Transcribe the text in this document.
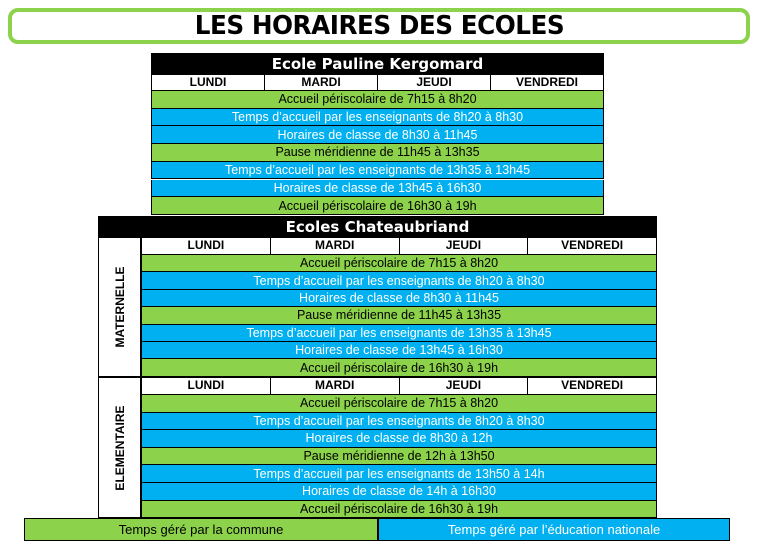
LES HORAIRES DES ECOLES
Ecole Pauline Kergomard
LUNDI	MARDI	JEUDI	VENDREDI
Accueil périscolaire de 7h15 à 8h20
Temps d’accueil par les enseignants de 8h20 à 8h30
Horaires de classe de 8h30 à 11h45
Pause méridienne de 11h45 à 13h35
Temps d’accueil par les enseignants de 13h35 à 13h45
Horaires de classe de 13h45 à 16h30
Accueil périscolaire de 16h30 à 19h
Ecoles Chateaubriand
MATERNELLE
LUNDI	MARDI	JEUDI	VENDREDI
Accueil périscolaire de 7h15 à 8h20
Temps d’accueil par les enseignants de 8h20 à 8h30
Horaires de classe de 8h30 à 11h45
Pause méridienne de 11h45 à 13h35
Temps d’accueil par les enseignants de 13h35 à 13h45
Horaires de classe de 13h45 à 16h30
Accueil périscolaire de 16h30 à 19h
ELEMENTAIRE
LUNDI	MARDI	JEUDI	VENDREDI
Accueil périscolaire de 7h15 à 8h20
Temps d’accueil par les enseignants de 8h20 à 8h30
Horaires de classe de 8h30 à 12h
Pause méridienne de 12h à 13h50
Temps d’accueil par les enseignants de 13h50 à 14h
Horaires de classe de 14h à 16h30
Accueil périscolaire de 16h30 à 19h
Temps géré par la commune	Temps géré par l’éducation nationale
